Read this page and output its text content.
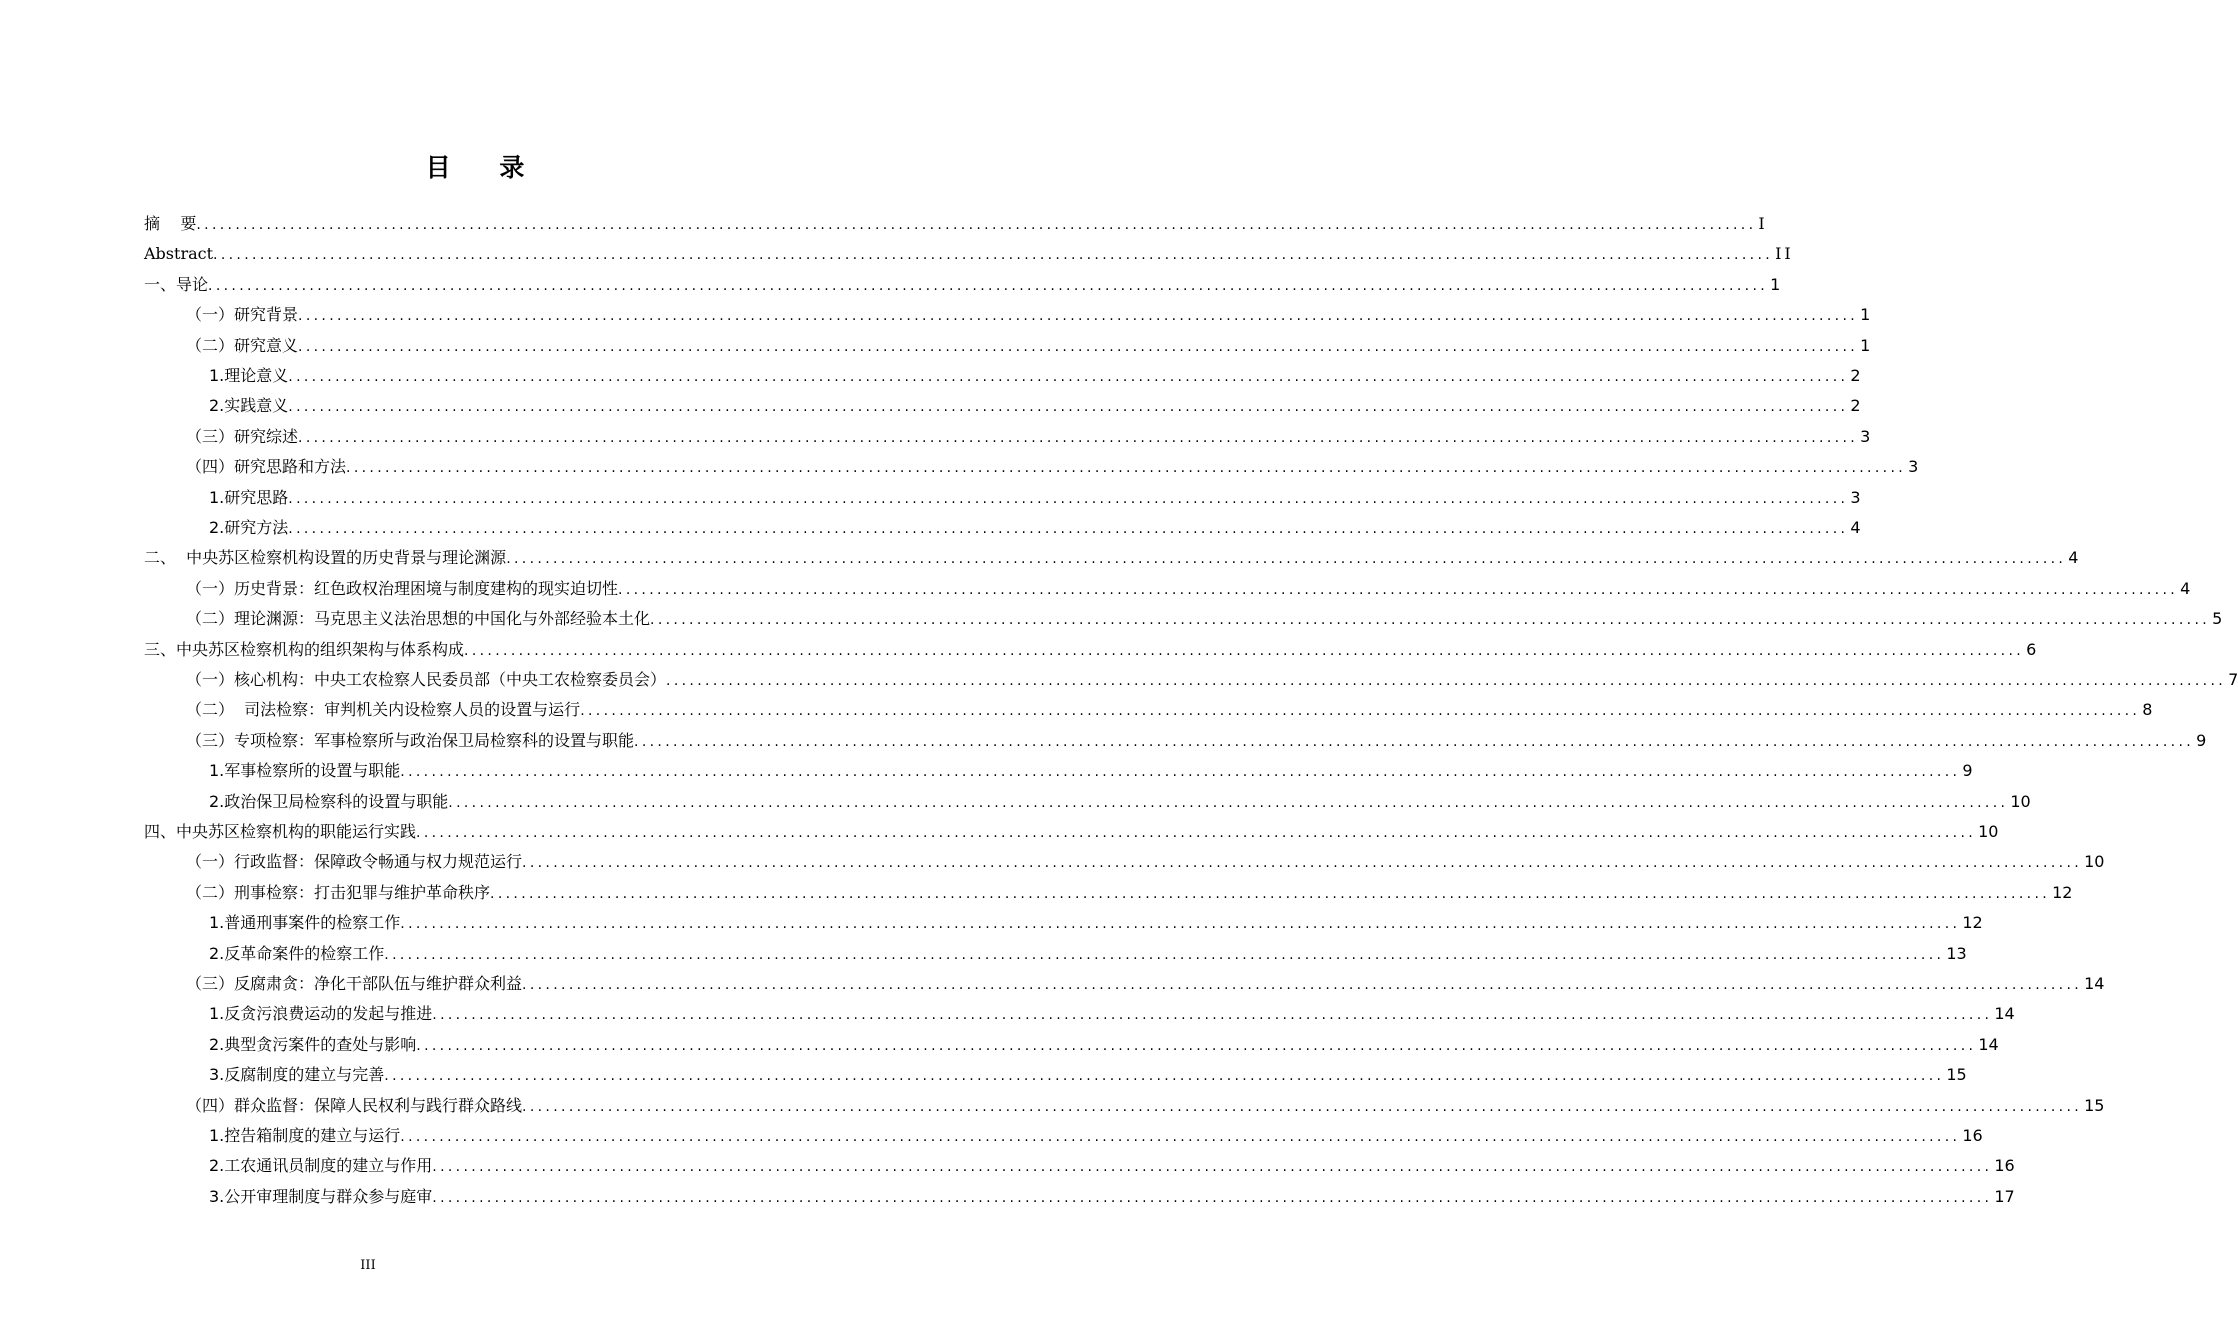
目 录
摘    要 ........................................................................................................................................................................................................ I
Abstract ........................................................................................................................................................................................................ II
一、导论 ........................................................................................................................................................................................................ 1
（一）研究背景 ........................................................................................................................................................................................................ 1
（二）研究意义 ........................................................................................................................................................................................................ 1
1.理论意义 ........................................................................................................................................................................................................ 2
2.实践意义 ........................................................................................................................................................................................................ 2
（三）研究综述 ........................................................................................................................................................................................................ 3
（四）研究思路和方法 ........................................................................................................................................................................................................ 3
1.研究思路 ........................................................................................................................................................................................................ 3
2.研究方法 ........................................................................................................................................................................................................ 4
二、  中央苏区检察机构设置的历史背景与理论渊源 ........................................................................................................................................................................................................ 4
（一）历史背景：红色政权治理困境与制度建构的现实迫切性 ........................................................................................................................................................................................................ 4
（二）理论渊源：马克思主义法治思想的中国化与外部经验本土化 ........................................................................................................................................................................................................ 5
三、中央苏区检察机构的组织架构与体系构成 ........................................................................................................................................................................................................ 6
（一）核心机构：中央工农检察人民委员部（中央工农检察委员会） ........................................................................................................................................................................................................ 7
（二）  司法检察：审判机关内设检察人员的设置与运行 ........................................................................................................................................................................................................ 8
（三）专项检察：军事检察所与政治保卫局检察科的设置与职能 ........................................................................................................................................................................................................ 9
1.军事检察所的设置与职能 ........................................................................................................................................................................................................ 9
2.政治保卫局检察科的设置与职能 ........................................................................................................................................................................................................ 10
四、中央苏区检察机构的职能运行实践 ........................................................................................................................................................................................................ 10
（一）行政监督：保障政令畅通与权力规范运行 ........................................................................................................................................................................................................ 10
（二）刑事检察：打击犯罪与维护革命秩序 ........................................................................................................................................................................................................ 12
1.普通刑事案件的检察工作 ........................................................................................................................................................................................................ 12
2.反革命案件的检察工作 ........................................................................................................................................................................................................ 13
（三）反腐肃贪：净化干部队伍与维护群众利益 ........................................................................................................................................................................................................ 14
1.反贪污浪费运动的发起与推进 ........................................................................................................................................................................................................ 14
2.典型贪污案件的查处与影响 ........................................................................................................................................................................................................ 14
3.反腐制度的建立与完善 ........................................................................................................................................................................................................ 15
（四）群众监督：保障人民权利与践行群众路线 ........................................................................................................................................................................................................ 15
1.控告箱制度的建立与运行 ........................................................................................................................................................................................................ 16
2.工农通讯员制度的建立与作用 ........................................................................................................................................................................................................ 16
3.公开审理制度与群众参与庭审 ........................................................................................................................................................................................................ 17
III
